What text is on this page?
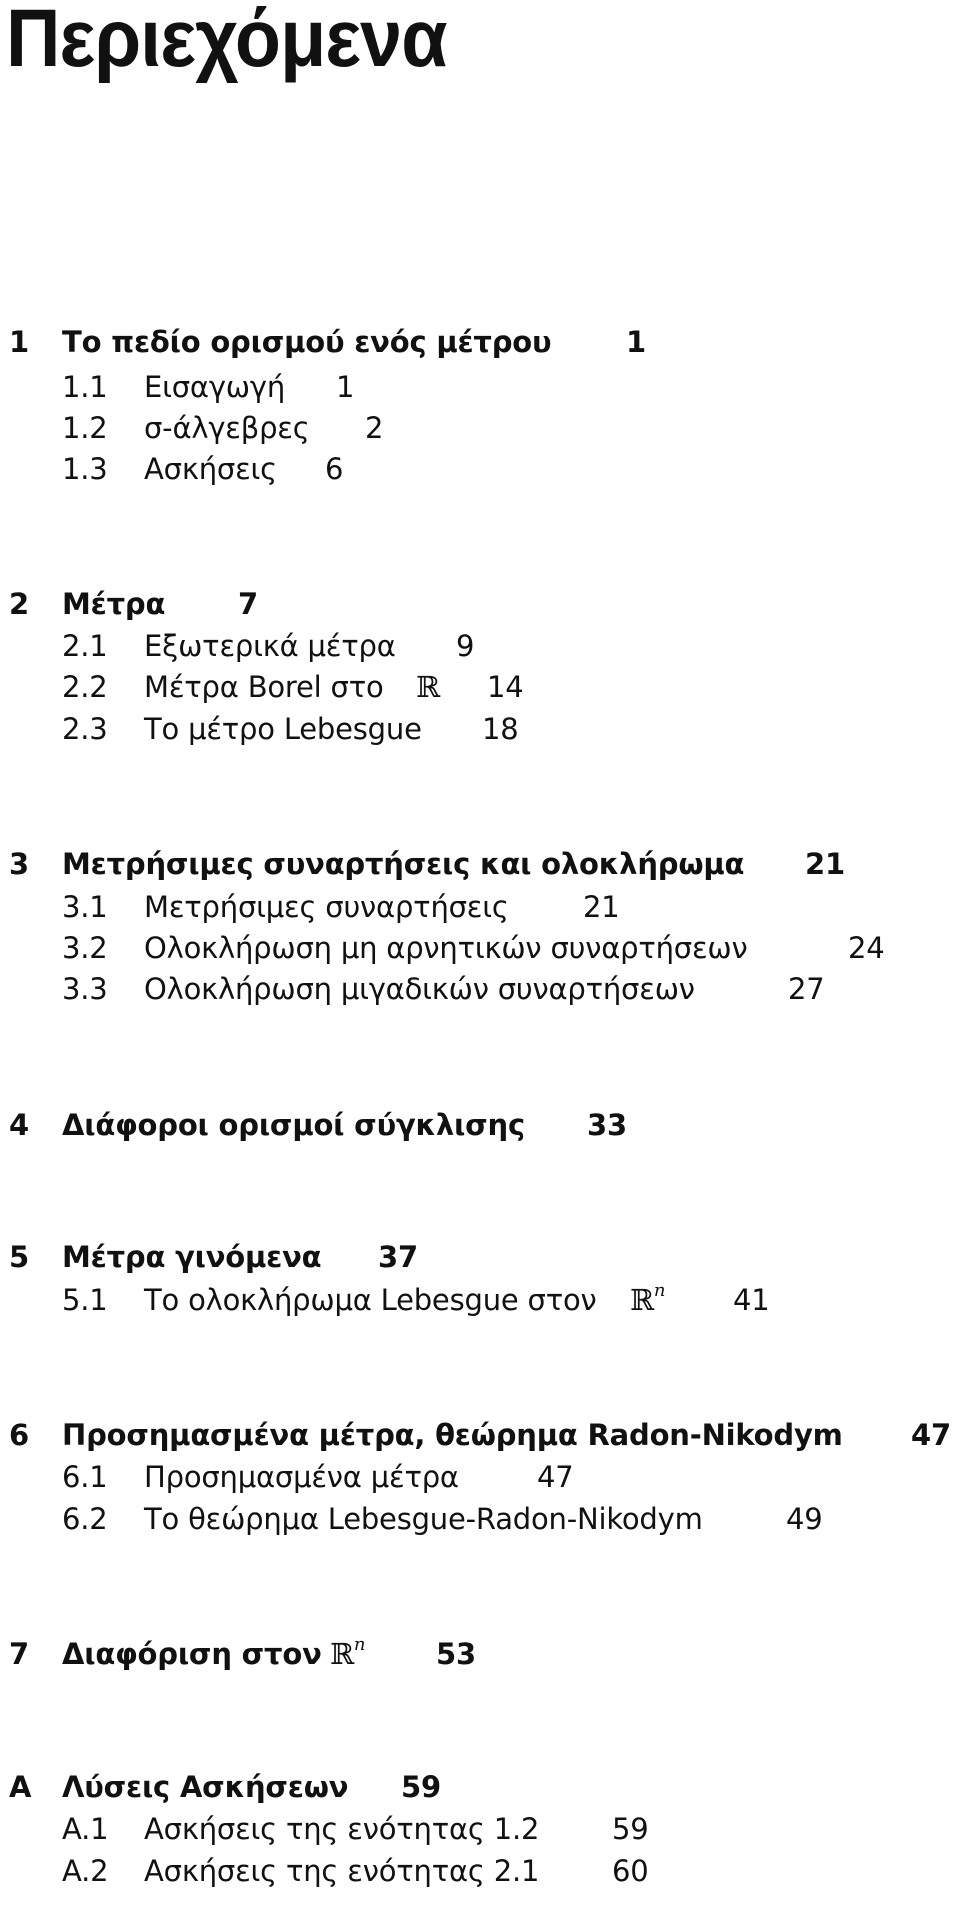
Περιεχόμενα
1 Το πεδίο ορισμού ενός μέτρου	1
1.1 Εισαγωγή 1
1.2 σ-άλγεβρες 2
1.3 Ασκήσεις 6
2 Μέτρα	7
2.1 Εξωτερικά μέτρα 9
2.2 Μέτρα Borel στο ℝ 14
2.3 Το μέτρο Lebesgue 18
3 Μετρήσιμες συναρτήσεις και ολοκλήρωμα 21
3.1 Μετρήσιμες συναρτήσεις	21
3.2 Ολοκλήρωση μη αρνητικών συναρτήσεων	24
3.3 Ολοκλήρωση μιγαδικών συναρτήσεων	27
4 Διάφοροι ορισμοί σύγκλισης 33
5 Μέτρα γινόμενα 37
5.1 Το ολοκλήρωμα Lebesgue στον ℝ$^n$ 41
6 Προσημασμένα μέτρα, θεώρημα Radon-Nikodym 47
6.1 Προσημασμένα μέτρα	47
6.2 Το θεώρημα Lebesgue-Radon-Nikodym	49
7 Διαφόριση στον ℝ$^n$ 53
A Λύσεις Ασκήσεων 59
A.1 Ασκήσεις της ενότητας 1.2	59
A.2 Ασκήσεις της ενότητας 2.1	60
